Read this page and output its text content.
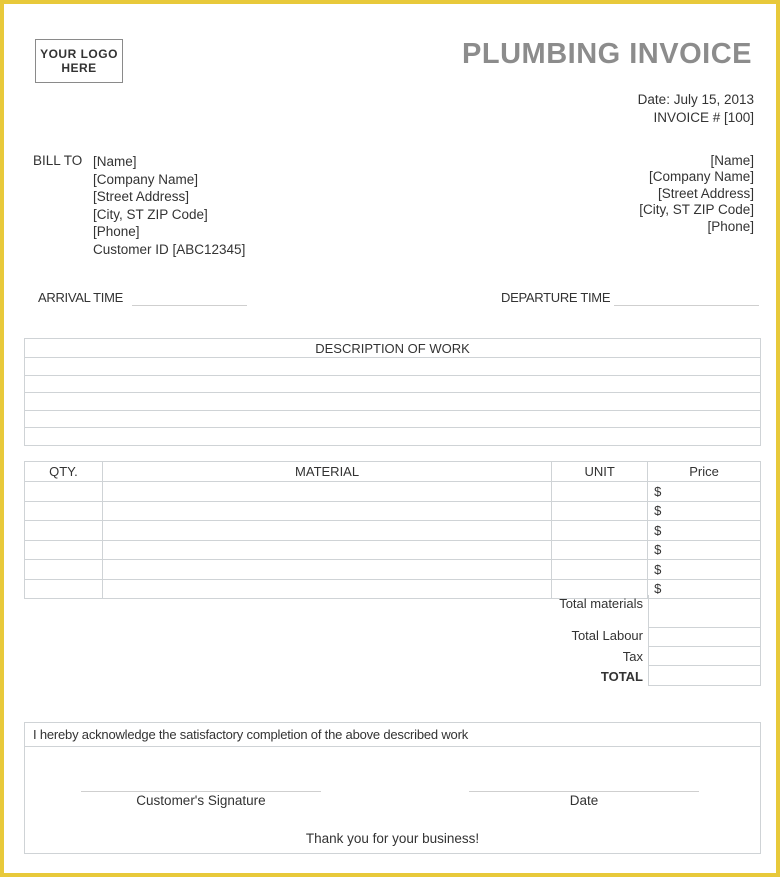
YOUR LOGO
HERE	PLUMBING INVOICE
Date: July 15, 2013
INVOICE # [100]
BILL TO [Name]
[Company Name]
[Street Address]
[City, ST ZIP Code]
[Phone]
Customer ID [ABC12345]
[Name]
[Company Name]
[Street Address]
[City, ST ZIP Code]
[Phone]
ARRIVAL TIME	DEPARTURE TIME
DESCRIPTION OF WORK

QTY.	MATERIAL	UNIT	Price
			$
			$
			$
			$
			$
			$
Total materials
Total Labour
Tax
TOTAL
I hereby acknowledge the satisfactory completion of the above described work
Customer's Signature	Date
Thank you for your business!
